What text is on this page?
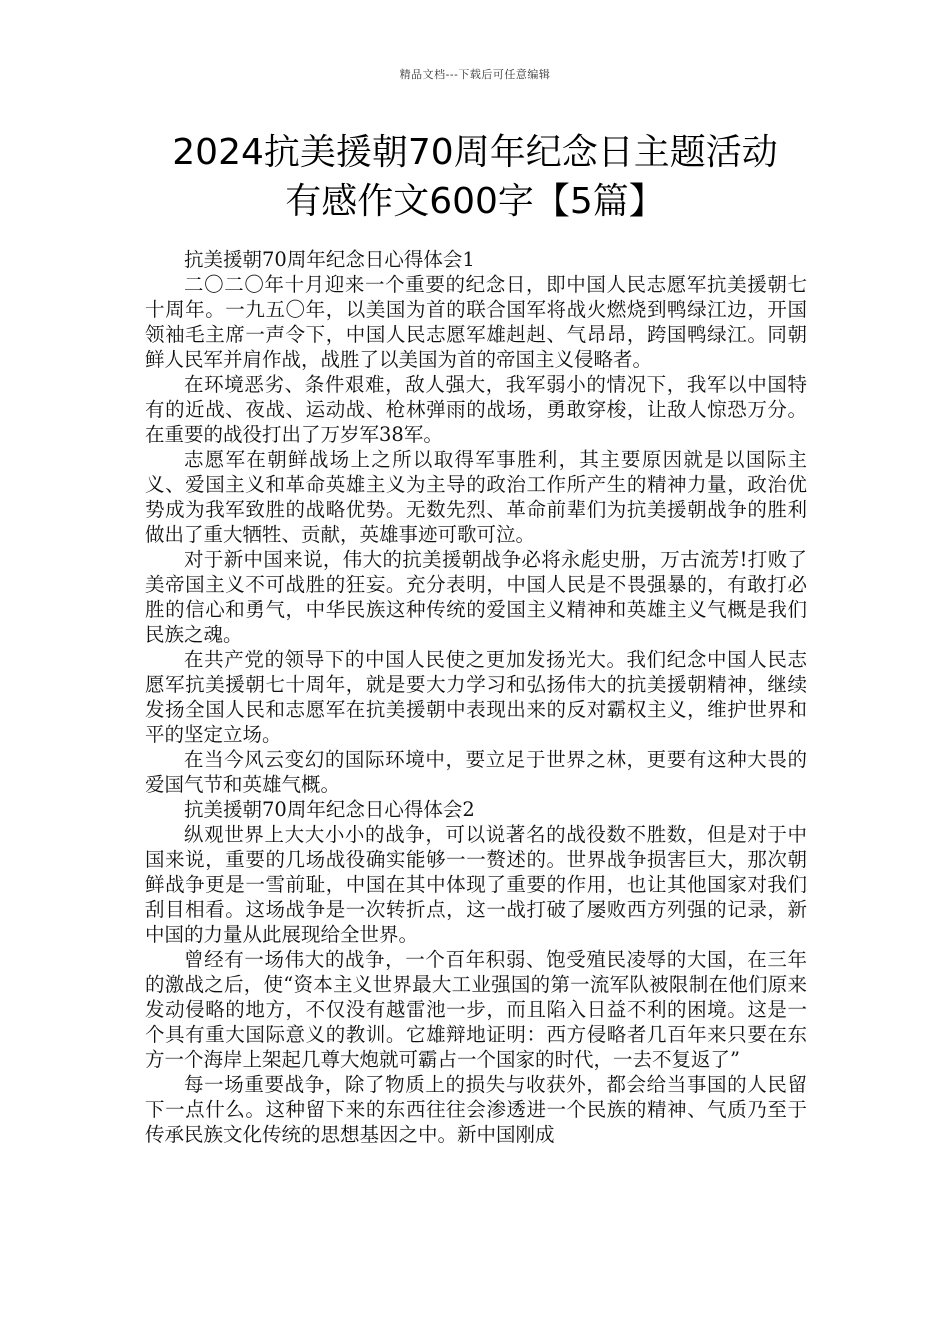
精品文档---下载后可任意编辑
2024抗美援朝70周年纪念日主题活动
有感作文600字【5篇】

抗美援朝70周年纪念日心得体会1

二〇二〇年十月迎来一个重要的纪念日，即中国人民志愿军抗美援朝七十周年。一九五〇年，以美国为首的联合国军将战火燃烧到鸭绿江边，开国领袖毛主席一声令下，中国人民志愿军雄赳赳、气昂昂，跨国鸭绿江。同朝鲜人民军并肩作战，战胜了以美国为首的帝国主义侵略者。

在环境恶劣、条件艰难，敌人强大，我军弱小的情况下，我军以中国特有的近战、夜战、运动战、枪林弹雨的战场，勇敢穿梭，让敌人惊恐万分。在重要的战役打出了万岁军38军。

志愿军在朝鲜战场上之所以取得军事胜利，其主要原因就是以国际主义、爱国主义和革命英雄主义为主导的政治工作所产生的精神力量，政治优势成为我军致胜的战略优势。无数先烈、革命前辈们为抗美援朝战争的胜利做出了重大牺牲、贡献，英雄事迹可歌可泣。

对于新中国来说，伟大的抗美援朝战争必将永彪史册，万古流芳!打败了美帝国主义不可战胜的狂妄。充分表明，中国人民是不畏强暴的，有敢打必胜的信心和勇气，中华民族这种传统的爱国主义精神和英雄主义气概是我们民族之魂。

在共产党的领导下的中国人民使之更加发扬光大。我们纪念中国人民志愿军抗美援朝七十周年，就是要大力学习和弘扬伟大的抗美援朝精神，继续发扬全国人民和志愿军在抗美援朝中表现出来的反对霸权主义，维护世界和平的坚定立场。

在当今风云变幻的国际环境中，要立足于世界之林，更要有这种大畏的爱国气节和英雄气概。

抗美援朝70周年纪念日心得体会2

纵观世界上大大小小的战争，可以说著名的战役数不胜数，但是对于中国来说，重要的几场战役确实能够一一赘述的。世界战争损害巨大，那次朝鲜战争更是一雪前耻，中国在其中体现了重要的作用，也让其他国家对我们刮目相看。这场战争是一次转折点，这一战打破了屡败西方列强的记录，新中国的力量从此展现给全世界。

曾经有一场伟大的战争，一个百年积弱、饱受殖民凌辱的大国，在三年的激战之后，使“资本主义世界最大工业强国的第一流军队被限制在他们原来发动侵略的地方，不仅没有越雷池一步，而且陷入日益不利的困境。这是一个具有重大国际意义的教训。它雄辩地证明：西方侵略者几百年来只要在东方一个海岸上架起几尊大炮就可霸占一个国家的时代，一去不复返了”

每一场重要战争，除了物质上的损失与收获外，都会给当事国的人民留下一点什么。这种留下来的东西往往会渗透进一个民族的精神、气质乃至于传承民族文化传统的思想基因之中。新中国刚成
